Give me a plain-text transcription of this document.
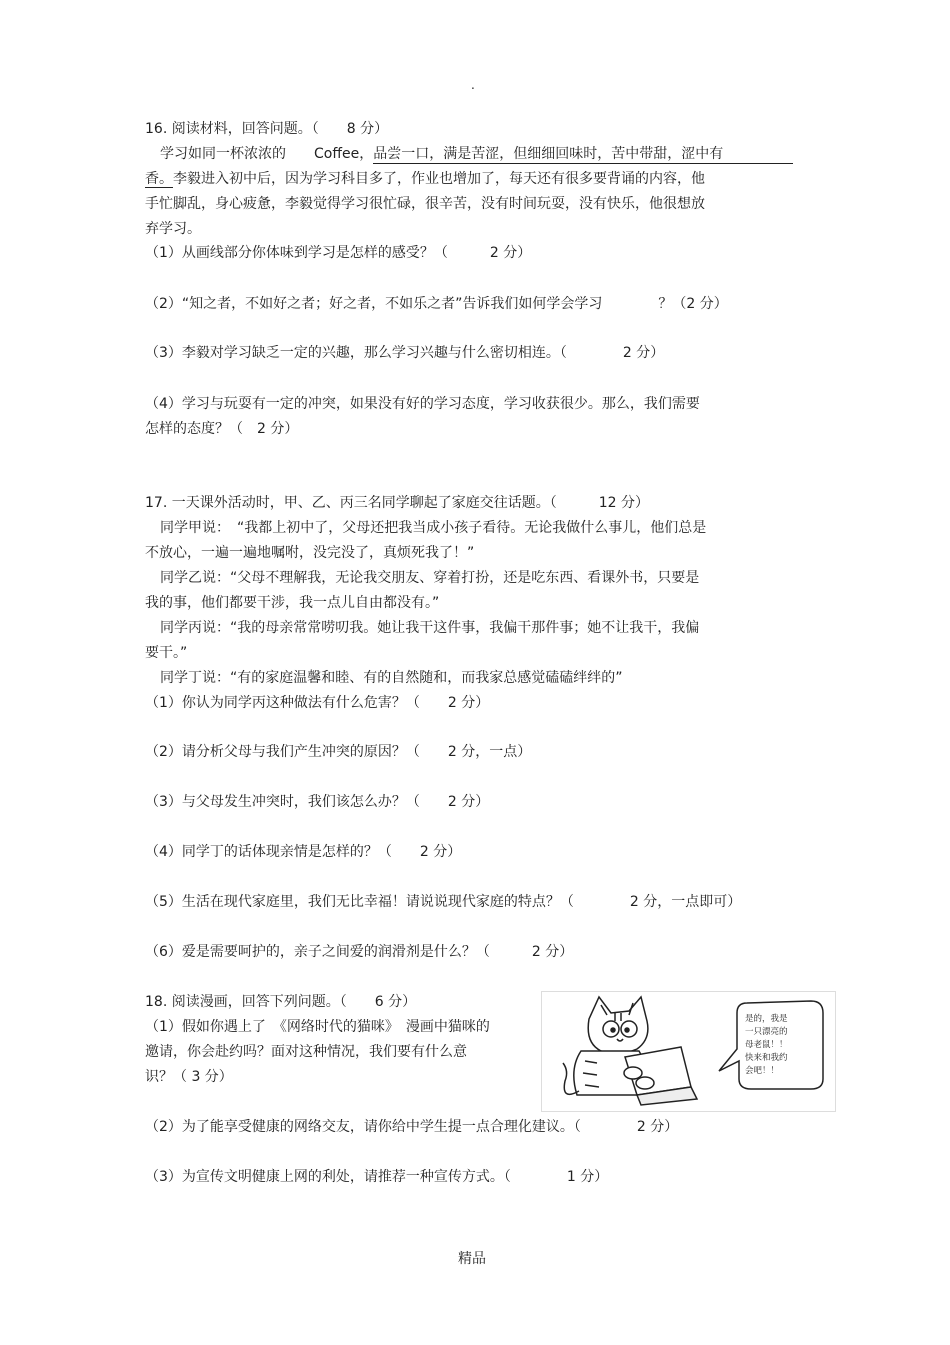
.
16. 阅读材料，回答问题。（　　8 分）
学习如同一杯浓浓的　　Coffee，品尝一口，满是苦涩，但细细回味时，苦中带甜，涩中有
香。李毅进入初中后，因为学习科目多了，作业也增加了，每天还有很多要背诵的内容，他
手忙脚乱，身心疲惫，李毅觉得学习很忙碌，很辛苦，没有时间玩耍，没有快乐，他很想放
弃学习。
（1）从画线部分你体味到学习是怎样的感受？（　　　2 分）
（2）“知之者，不如好之者；好之者，不如乐之者”告诉我们如何学会学习　　　　？（2 分）
（3）李毅对学习缺乏一定的兴趣，那么学习兴趣与什么密切相连。（　　　　2 分）
（4）学习与玩耍有一定的冲突，如果没有好的学习态度，学习收获很少。那么，我们需要
怎样的态度？（　2 分）
17. 一天课外活动时，甲、乙、丙三名同学聊起了家庭交往话题。（　　　12 分）
同学甲说：　“我都上初中了，父母还把我当成小孩子看待。无论我做什么事儿，他们总是
不放心，一遍一遍地嘱咐，没完没了，真烦死我了！”
同学乙说：“父母不理解我，无论我交朋友、穿着打扮，还是吃东西、看课外书，只要是
我的事，他们都要干涉，我一点儿自由都没有。”
同学丙说：“我的母亲常常唠叨我。她让我干这件事，我偏干那件事；她不让我干，我偏
要干。”
同学丁说：“有的家庭温馨和睦、有的自然随和，而我家总感觉磕磕绊绊的”
（1）你认为同学丙这种做法有什么危害？（　　2 分）
（2）请分析父母与我们产生冲突的原因？（　　2 分，一点）
（3）与父母发生冲突时，我们该怎么办？（　　2 分）
（4）同学丁的话体现亲情是怎样的？（　　2 分）
（5）生活在现代家庭里，我们无比幸福！请说说现代家庭的特点？（　　　　2 分，一点即可）
（6）爱是需要呵护的，亲子之间爱的润滑剂是什么？（　　　2 分）
18. 阅读漫画，回答下列问题。（　　6 分）
（1）假如你遇上了　《网络时代的猫咪》　漫画中猫咪的
邀请，你会赴约吗？面对这种情况，我们要有什么意
识？（ 3 分）
是的，我是
一只漂亮的
母老鼠！！
快来和我约
会吧！！
（2）为了能享受健康的网络交友，请你给中学生提一点合理化建议。（　　　　2 分）
（3）为宣传文明健康上网的利处，请推荐一种宣传方式。（　　　　1 分）
精品
